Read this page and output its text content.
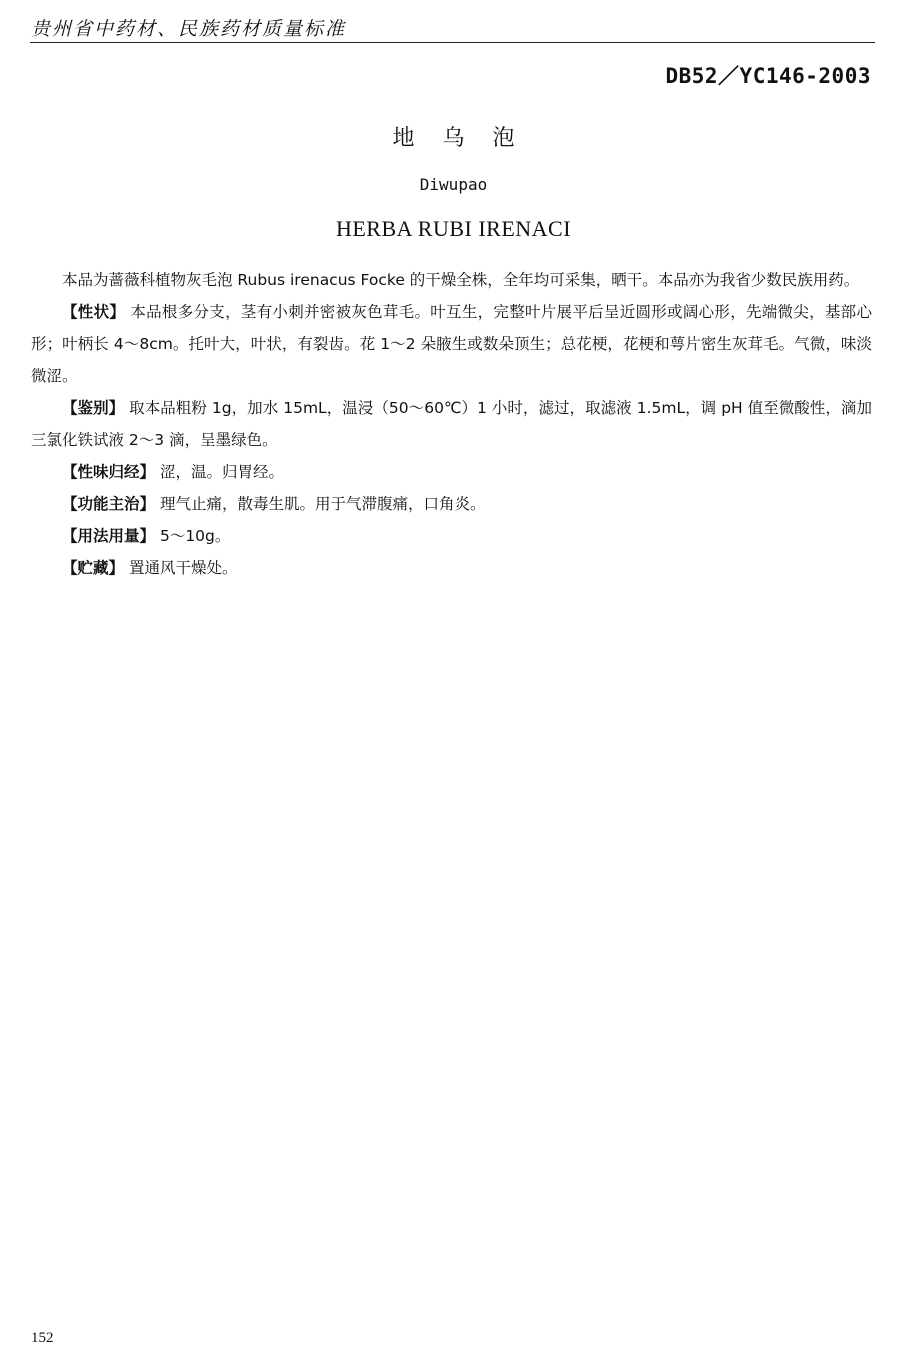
贵州省中药材、民族药材质量标准
DB52／YC146-2003
地乌泡
Diwupao
HERBA RUBI IRENACI

本品为蔷薇科植物灰毛泡 Rubus irenacus Focke 的干燥全株，全年均可采集，晒干。本品亦为我省少数民族用药。

【性状】 本品根多分支，茎有小刺并密被灰色茸毛。叶互生，完整叶片展平后呈近圆形或阔心形，先端微尖，基部心形；叶柄长 4～8cm。托叶大，叶状，有裂齿。花 1～2 朵腋生或数朵顶生；总花梗，花梗和萼片密生灰茸毛。气微，味淡微涩。

【鉴别】 取本品粗粉 1g，加水 15mL，温浸（50～60℃）1 小时，滤过，取滤液 1.5mL，调 pH 值至微酸性，滴加三氯化铁试液 2～3 滴，呈墨绿色。

【性味归经】 涩，温。归胃经。

【功能主治】 理气止痛，散毒生肌。用于气滞腹痛，口角炎。

【用法用量】 5～10g。

【贮藏】 置通风干燥处。

152
